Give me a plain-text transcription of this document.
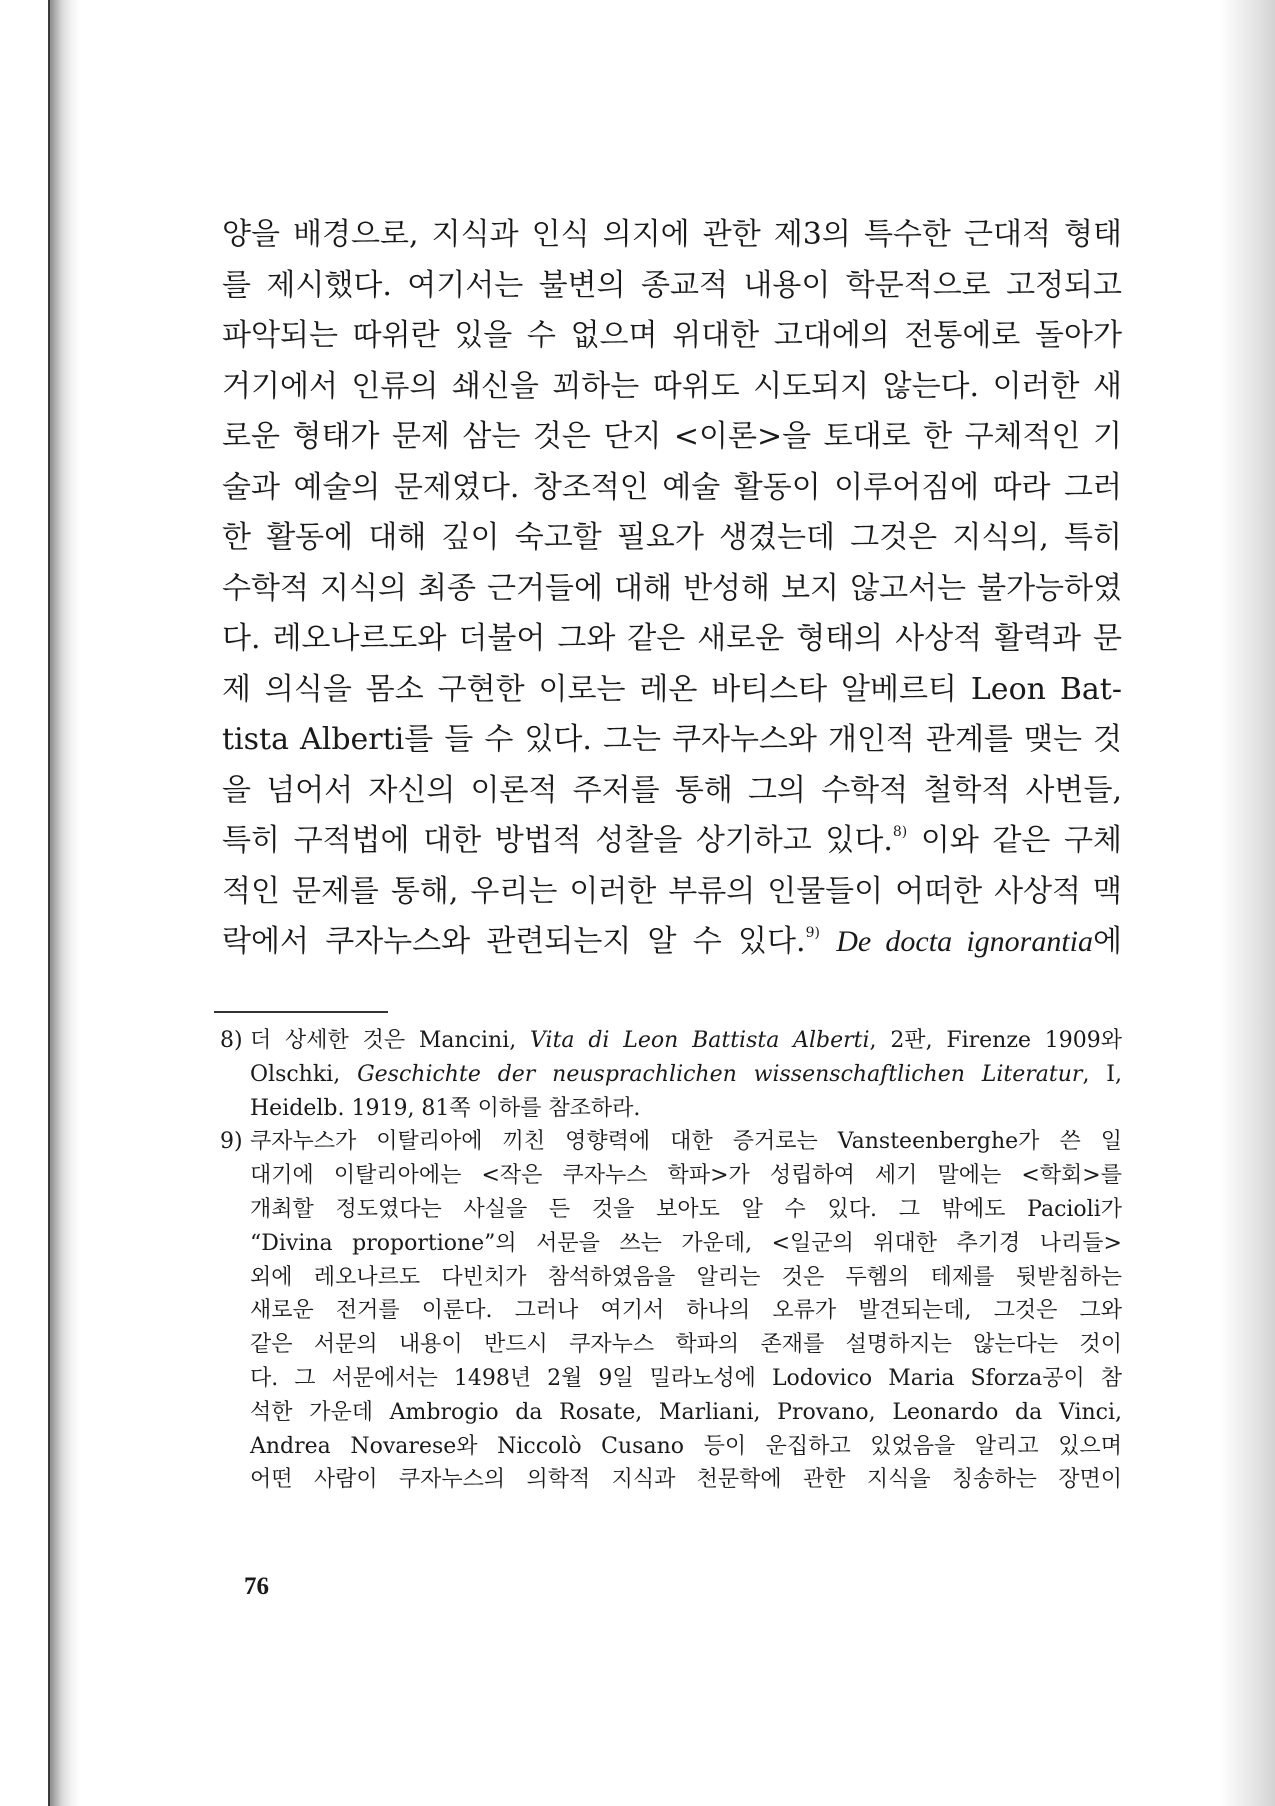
양을 배경으로, 지식과 인식 의지에 관한 제3의 특수한 근대적 형태
를 제시했다. 여기서는 불변의 종교적 내용이 학문적으로 고정되고
파악되는 따위란 있을 수 없으며 위대한 고대에의 전통에로 돌아가
거기에서 인류의 쇄신을 꾀하는 따위도 시도되지 않는다. 이러한 새
로운 형태가 문제 삼는 것은 단지 <이론>을 토대로 한 구체적인 기
술과 예술의 문제였다. 창조적인 예술 활동이 이루어짐에 따라 그러
한 활동에 대해 깊이 숙고할 필요가 생겼는데 그것은 지식의, 특히
수학적 지식의 최종 근거들에 대해 반성해 보지 않고서는 불가능하였
다. 레오나르도와 더불어 그와 같은 새로운 형태의 사상적 활력과 문
제 의식을 몸소 구현한 이로는 레온 바티스타 알베르티 Leon Bat-
tista Alberti를 들 수 있다. 그는 쿠자누스와 개인적 관계를 맺는 것
을 넘어서 자신의 이론적 주저를 통해 그의 수학적 철학적 사변들,
특히 구적법에 대한 방법적 성찰을 상기하고 있다.$^{8)}$ 이와 같은 구체
적인 문제를 통해, 우리는 이러한 부류의 인물들이 어떠한 사상적 맥
락에서 쿠자누스와 관련되는지 알 수 있다.$^{9)}$ De docta ignorantia에
8) 더 상세한 것은 Mancini, Vita di Leon Battista Alberti, 2판, Firenze 1909와
Olschki, Geschichte der neusprachlichen wissenschaftlichen Literatur, I,
Heidelb. 1919, 81쪽 이하를 참조하라.
9) 쿠자누스가 이탈리아에 끼친 영향력에 대한 증거로는 Vansteenberghe가 쓴 일
대기에 이탈리아에는 <작은 쿠자누스 학파>가 성립하여 세기 말에는 <학회>를
개최할 정도였다는 사실을 든 것을 보아도 알 수 있다. 그 밖에도 Pacioli가
“Divina proportione”의 서문을 쓰는 가운데, <일군의 위대한 추기경 나리들>
외에 레오나르도 다빈치가 참석하였음을 알리는 것은 두헴의 테제를 뒷받침하는
새로운 전거를 이룬다. 그러나 여기서 하나의 오류가 발견되는데, 그것은 그와
같은 서문의 내용이 반드시 쿠자누스 학파의 존재를 설명하지는 않는다는 것이
다. 그 서문에서는 1498년 2월 9일 밀라노성에 Lodovico Maria Sforza공이 참
석한 가운데 Ambrogio da Rosate, Marliani, Provano, Leonardo da Vinci,
Andrea Novarese와 Niccolò Cusano 등이 운집하고 있었음을 알리고 있으며
어떤 사람이 쿠자누스의 의학적 지식과 천문학에 관한 지식을 칭송하는 장면이
76
